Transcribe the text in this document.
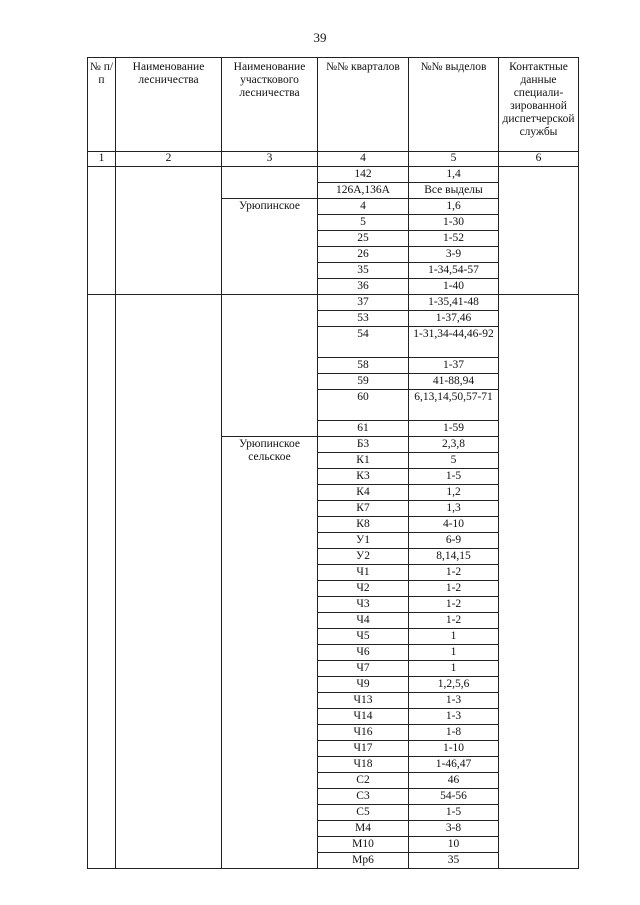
39
№ п/п	Наименование лесничества	Наименование участкового лесничества	№№ кварталов	№№ выделов	Контактные данные специали-зированной диспетчерской службы
1	2	3	4	5	6
			142	1,4	
			126А,136А	Все выделы	
		Урюпинское	4	1,6	
			5	1-30	
			25	1-52	
			26	3-9	
			35	1-34,54-57	
			36	1-40	
			37	1-35,41-48	
			53	1-37,46	
			54	1-31,34-44,46-92	
			58	1-37	
			59	41-88,94	
			60	6,13,14,50,57-71	
			61	1-59	
		Урюпинское сельское	Б3	2,3,8	
			К1	5	
			К3	1-5	
			К4	1,2	
			К7	1,3	
			К8	4-10	
			У1	6-9	
			У2	8,14,15	
			Ч1	1-2	
			Ч2	1-2	
			Ч3	1-2	
			Ч4	1-2	
			Ч5	1	
			Ч6	1	
			Ч7	1	
			Ч9	1,2,5,6	
			Ч13	1-3	
			Ч14	1-3	
			Ч16	1-8	
			Ч17	1-10	
			Ч18	1-46,47	
			С2	46	
			С3	54-56	
			С5	1-5	
			М4	3-8	
			М10	10	
			Мр6	35	
